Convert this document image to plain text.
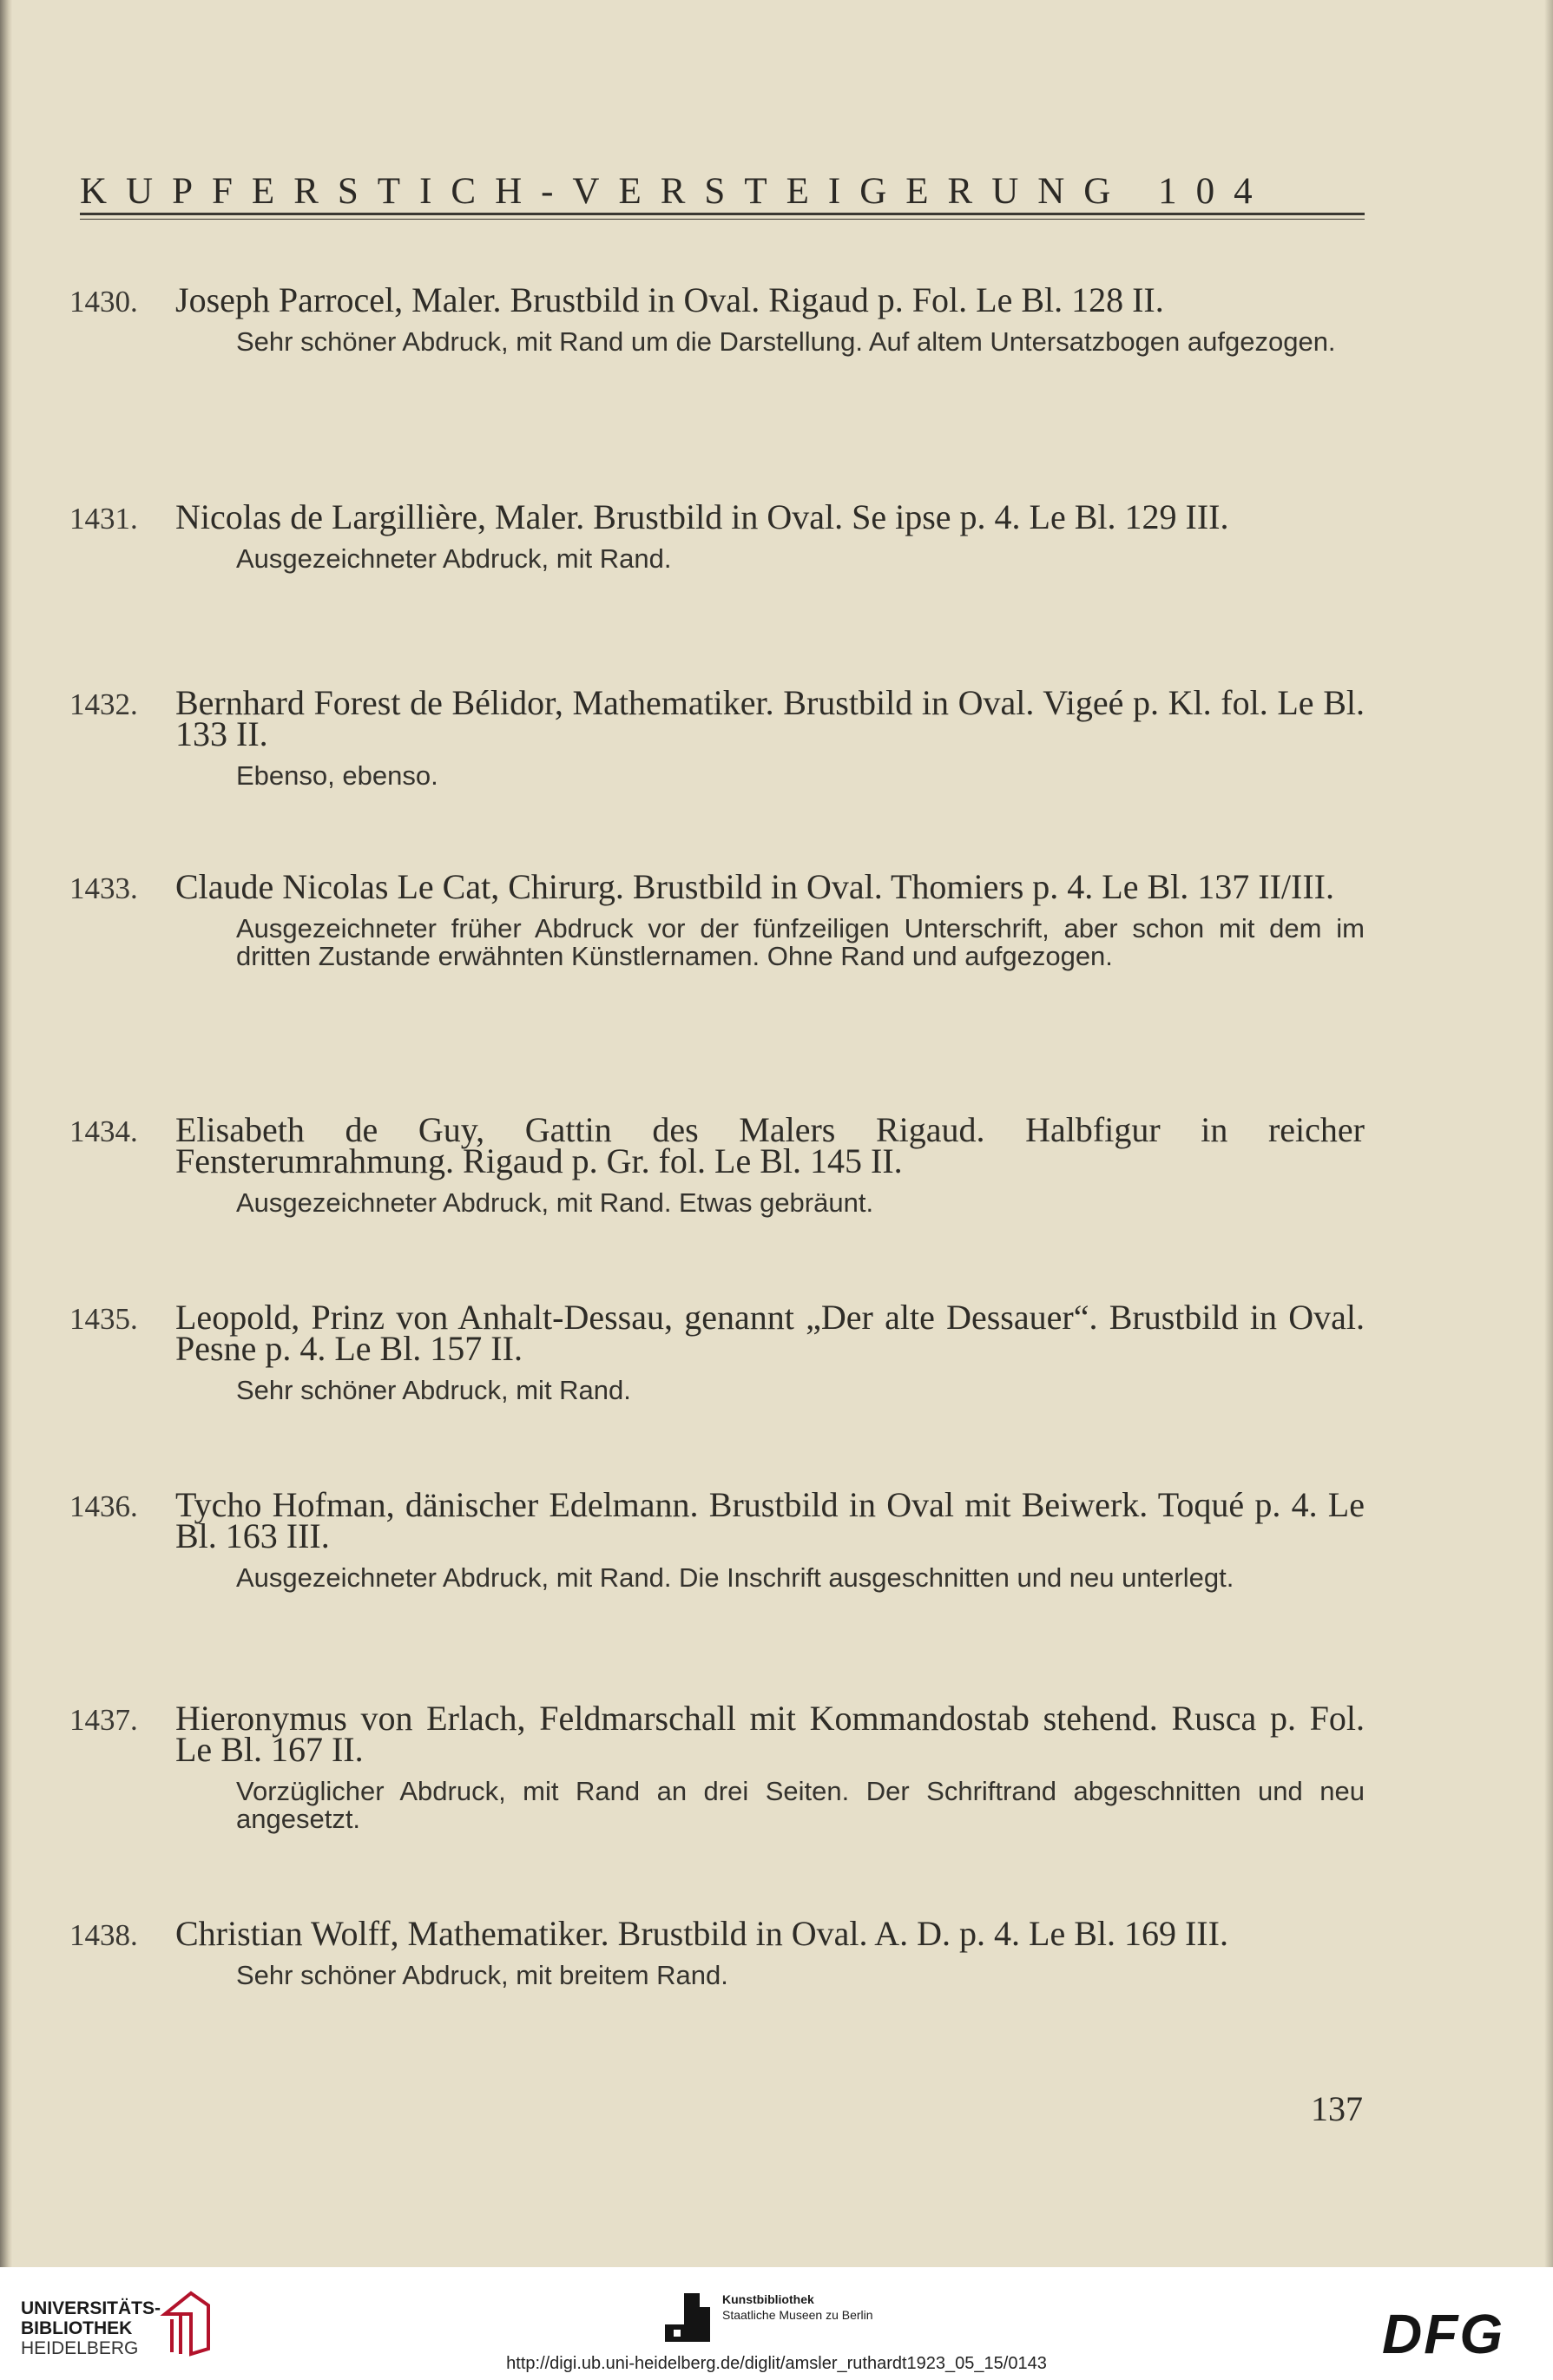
KUPFERSTICH-VERSTEIGERUNG 104
1430.	Joseph Parrocel, Maler. Brustbild in Oval. Rigaud p. Fol. Le Bl. 128 II.
Sehr schöner Abdruck, mit Rand um die Darstellung. Auf altem Untersatzbogen aufgezogen.
1431.	Nicolas de Largillière, Maler. Brustbild in Oval. Se ipse p. 4. Le Bl. 129 III.
Ausgezeichneter Abdruck, mit Rand.
1432.	Bernhard Forest de Bélidor, Mathematiker. Brustbild in Oval. Vigeé p. Kl. fol. Le Bl. 133 II.
Ebenso, ebenso.
1433.	Claude Nicolas Le Cat, Chirurg. Brustbild in Oval. Thomiers p. 4. Le Bl. 137 II/III.
Ausgezeichneter früher Abdruck vor der fünfzeiligen Unterschrift, aber schon mit dem im dritten Zustande erwähnten Künstlernamen. Ohne Rand und aufgezogen.
1434.	Elisabeth de Guy, Gattin des Malers Rigaud. Halbfigur in reicher Fensterumrahmung. Rigaud p. Gr. fol. Le Bl. 145 II.
Ausgezeichneter Abdruck, mit Rand. Etwas gebräunt.
1435.	Leopold, Prinz von Anhalt-Dessau, genannt „Der alte Dessauer“. Brustbild in Oval. Pesne p. 4. Le Bl. 157 II.
Sehr schöner Abdruck, mit Rand.
1436.	Tycho Hofman, dänischer Edelmann. Brustbild in Oval mit Beiwerk. Toqué p. 4. Le Bl. 163 III.
Ausgezeichneter Abdruck, mit Rand. Die Inschrift ausgeschnitten und neu unterlegt.
1437.	Hieronymus von Erlach, Feldmarschall mit Kommandostab stehend. Rusca p. Fol. Le Bl. 167 II.
Vorzüglicher Abdruck, mit Rand an drei Seiten. Der Schriftrand abgeschnitten und neu angesetzt.
1438.	Christian Wolff, Mathematiker. Brustbild in Oval. A. D. p. 4. Le Bl. 169 III.
Sehr schöner Abdruck, mit breitem Rand.
137
UNIVERSITÄTS-
BIBLIOTHEK
HEIDELBERG
Kunstbibliothek
Staatliche Museen zu Berlin	DFG
http://digi.ub.uni-heidelberg.de/diglit/amsler_ruthardt1923_05_15/0143
